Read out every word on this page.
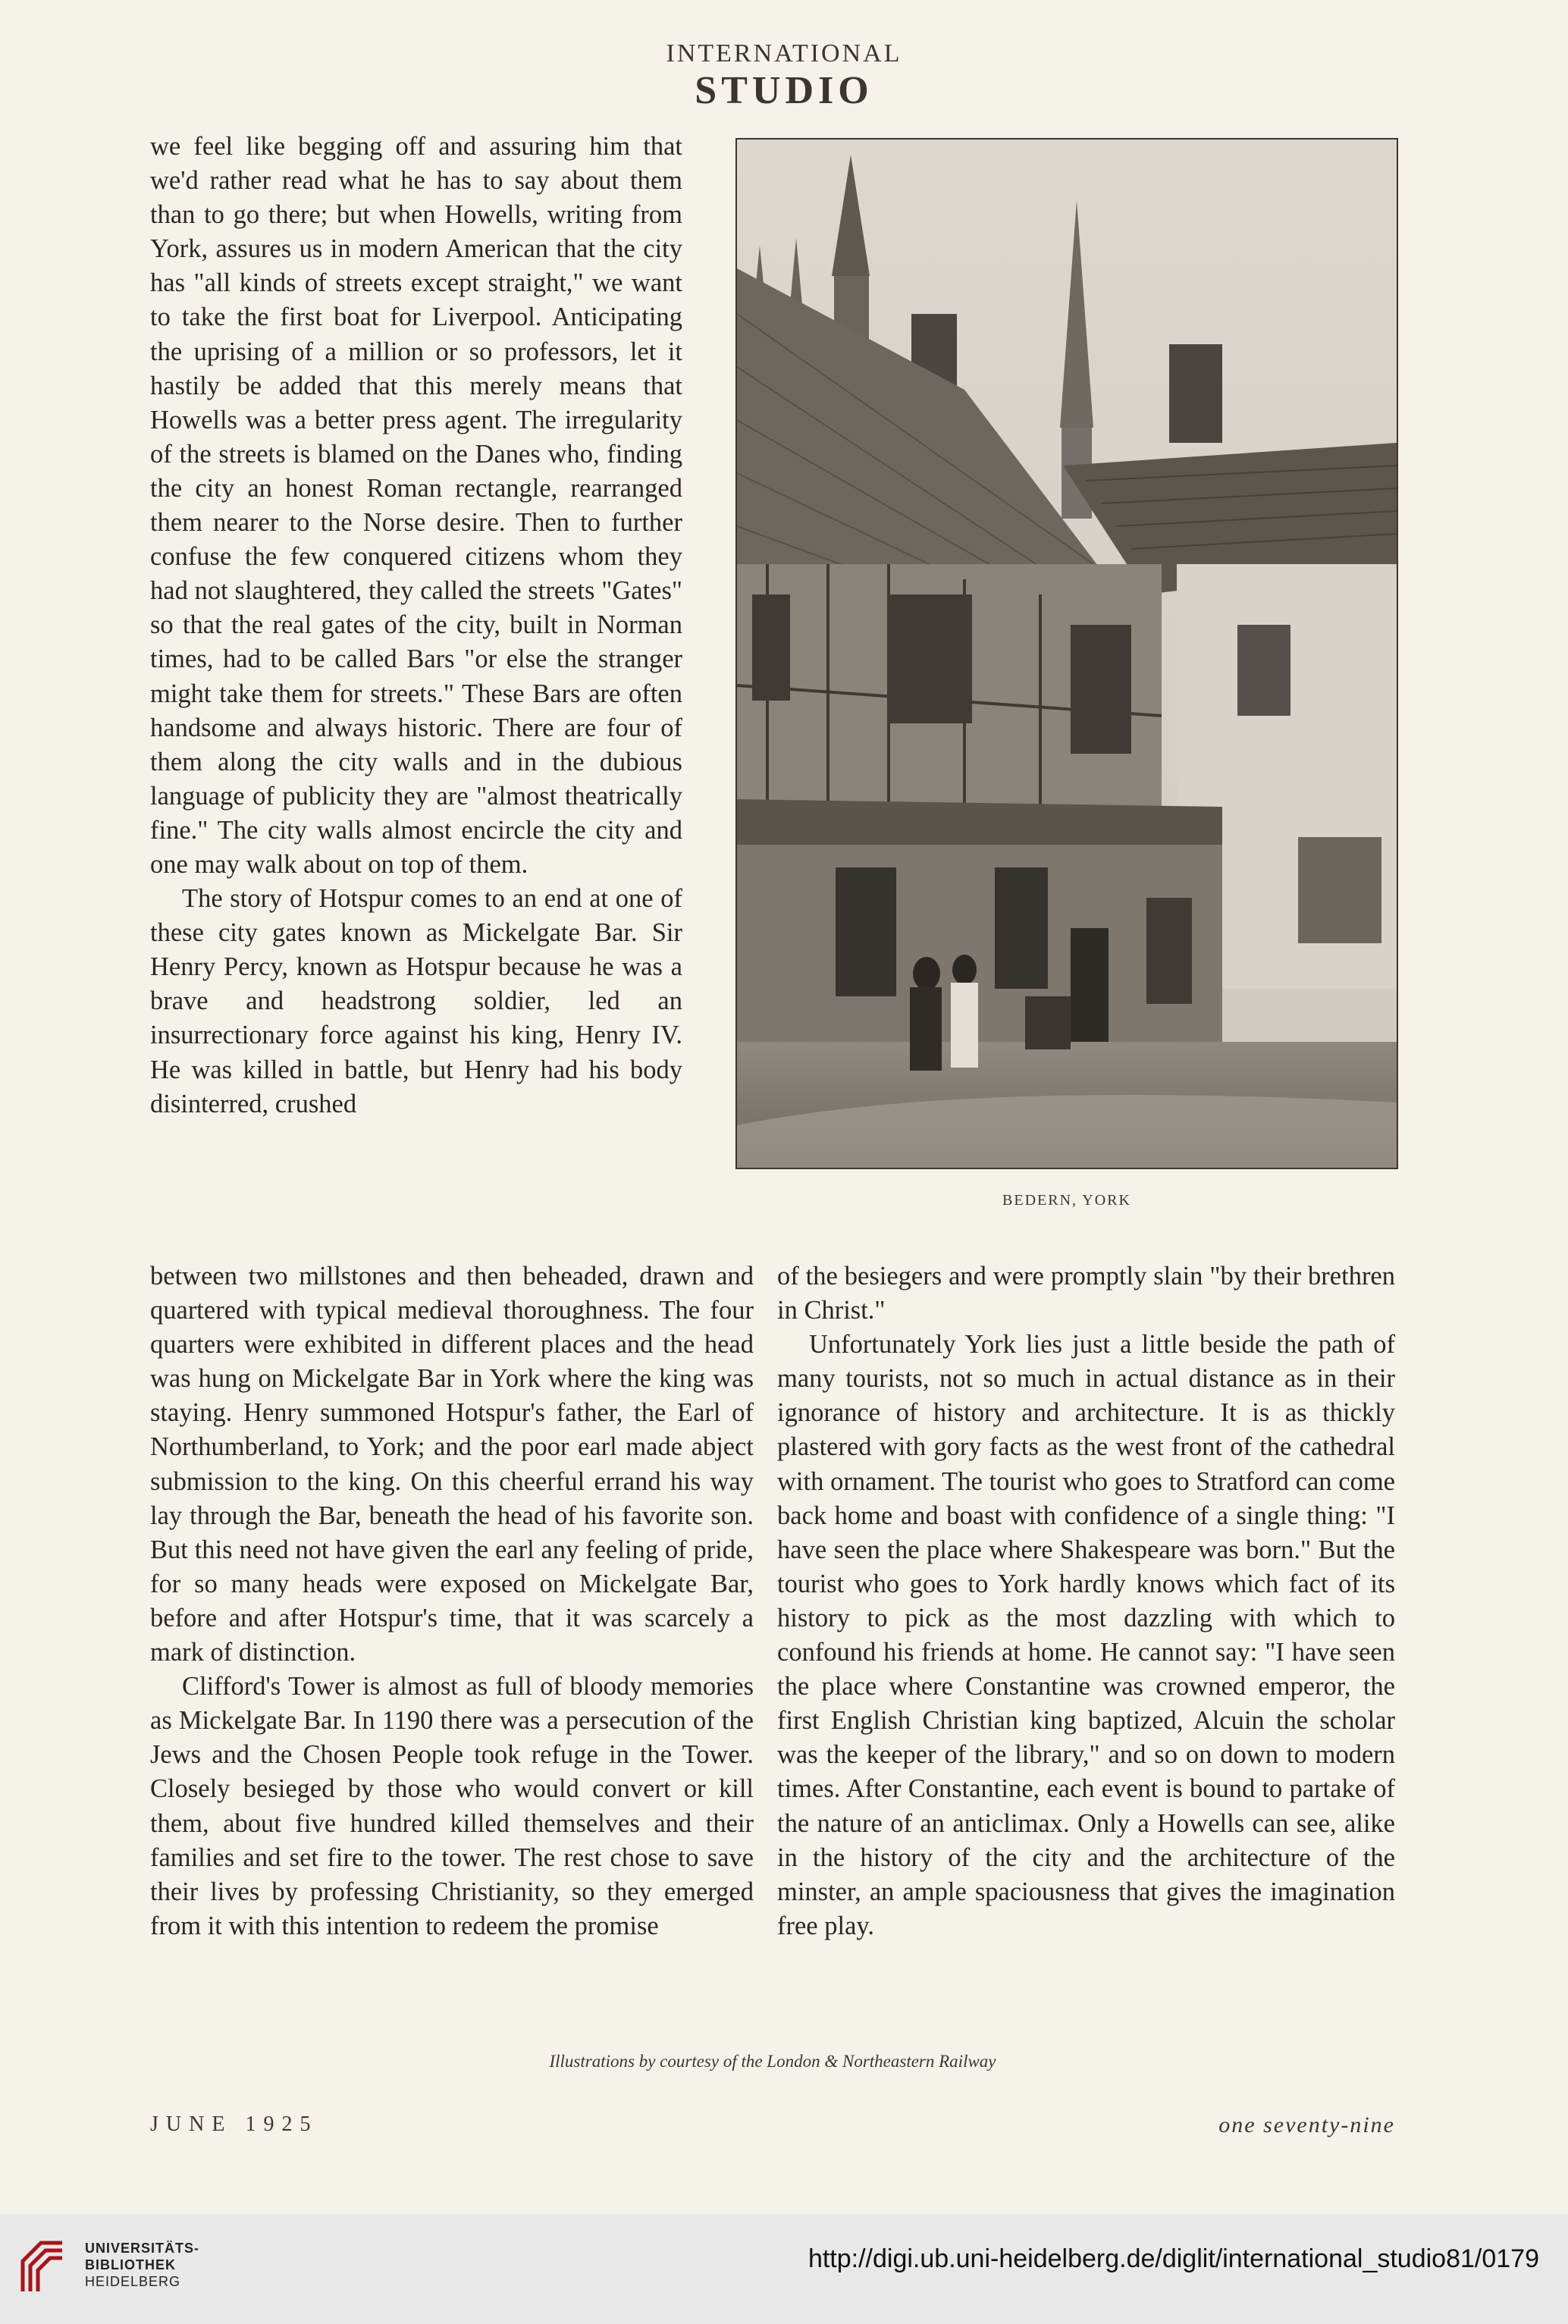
INTERNATIONAL
STUDIO

we feel like begging off and assuring him that we'd rather read what he has to say about them than to go there; but when Howells, writing from York, assures us in modern American that the city has "all kinds of streets except straight," we want to take the first boat for Liverpool. Anticipating the uprising of a million or so professors, let it hastily be added that this merely means that Howells was a better press agent. The irregularity of the streets is blamed on the Danes who, finding the city an honest Roman rectangle, rearranged them nearer to the Norse desire. Then to further confuse the few conquered citizens whom they had not slaughtered, they called the streets "Gates" so that the real gates of the city, built in Norman times, had to be called Bars "or else the stranger might take them for streets." These Bars are often handsome and always historic. There are four of them along the city walls and in the dubious language of publicity they are "almost theatrically fine." The city walls almost encircle the city and one may walk about on top of them.

The story of Hotspur comes to an end at one of these city gates known as Mickelgate Bar. Sir Henry Percy, known as Hotspur because he was a brave and headstrong soldier, led an insurrectionary force against his king, Henry IV. He was killed in battle, but Henry had his body disinterred, crushed

BEDERN, YORK

between two millstones and then beheaded, drawn and quartered with typical medieval thoroughness. The four quarters were exhibited in different places and the head was hung on Mickelgate Bar in York where the king was staying. Henry summoned Hotspur's father, the Earl of Northumberland, to York; and the poor earl made abject submission to the king. On this cheerful errand his way lay through the Bar, beneath the head of his favorite son. But this need not have given the earl any feeling of pride, for so many heads were exposed on Mickelgate Bar, before and after Hotspur's time, that it was scarcely a mark of distinction.

Clifford's Tower is almost as full of bloody memories as Mickelgate Bar. In 1190 there was a persecution of the Jews and the Chosen People took refuge in the Tower. Closely besieged by those who would convert or kill them, about five hundred killed themselves and their families and set fire to the tower. The rest chose to save their lives by professing Christianity, so they emerged from it with this intention to redeem the promise

of the besiegers and were promptly slain "by their brethren in Christ."

Unfortunately York lies just a little beside the path of many tourists, not so much in actual distance as in their ignorance of history and architecture. It is as thickly plastered with gory facts as the west front of the cathedral with ornament. The tourist who goes to Stratford can come back home and boast with confidence of a single thing: "I have seen the place where Shakespeare was born." But the tourist who goes to York hardly knows which fact of its history to pick as the most dazzling with which to confound his friends at home. He cannot say: "I have seen the place where Constantine was crowned emperor, the first English Christian king baptized, Alcuin the scholar was the keeper of the library," and so on down to modern times. After Constantine, each event is bound to partake of the nature of an anticlimax. Only a Howells can see, alike in the history of the city and the architecture of the minster, an ample spaciousness that gives the imagination free play.

Illustrations by courtesy of the London & Northeastern Railway
JUNE 1925	one seventy-nine
UNIVERSITÄTS-
BIBLIOTHEK
HEIDELBERG
http://digi.ub.uni-heidelberg.de/diglit/international_studio81/0179
